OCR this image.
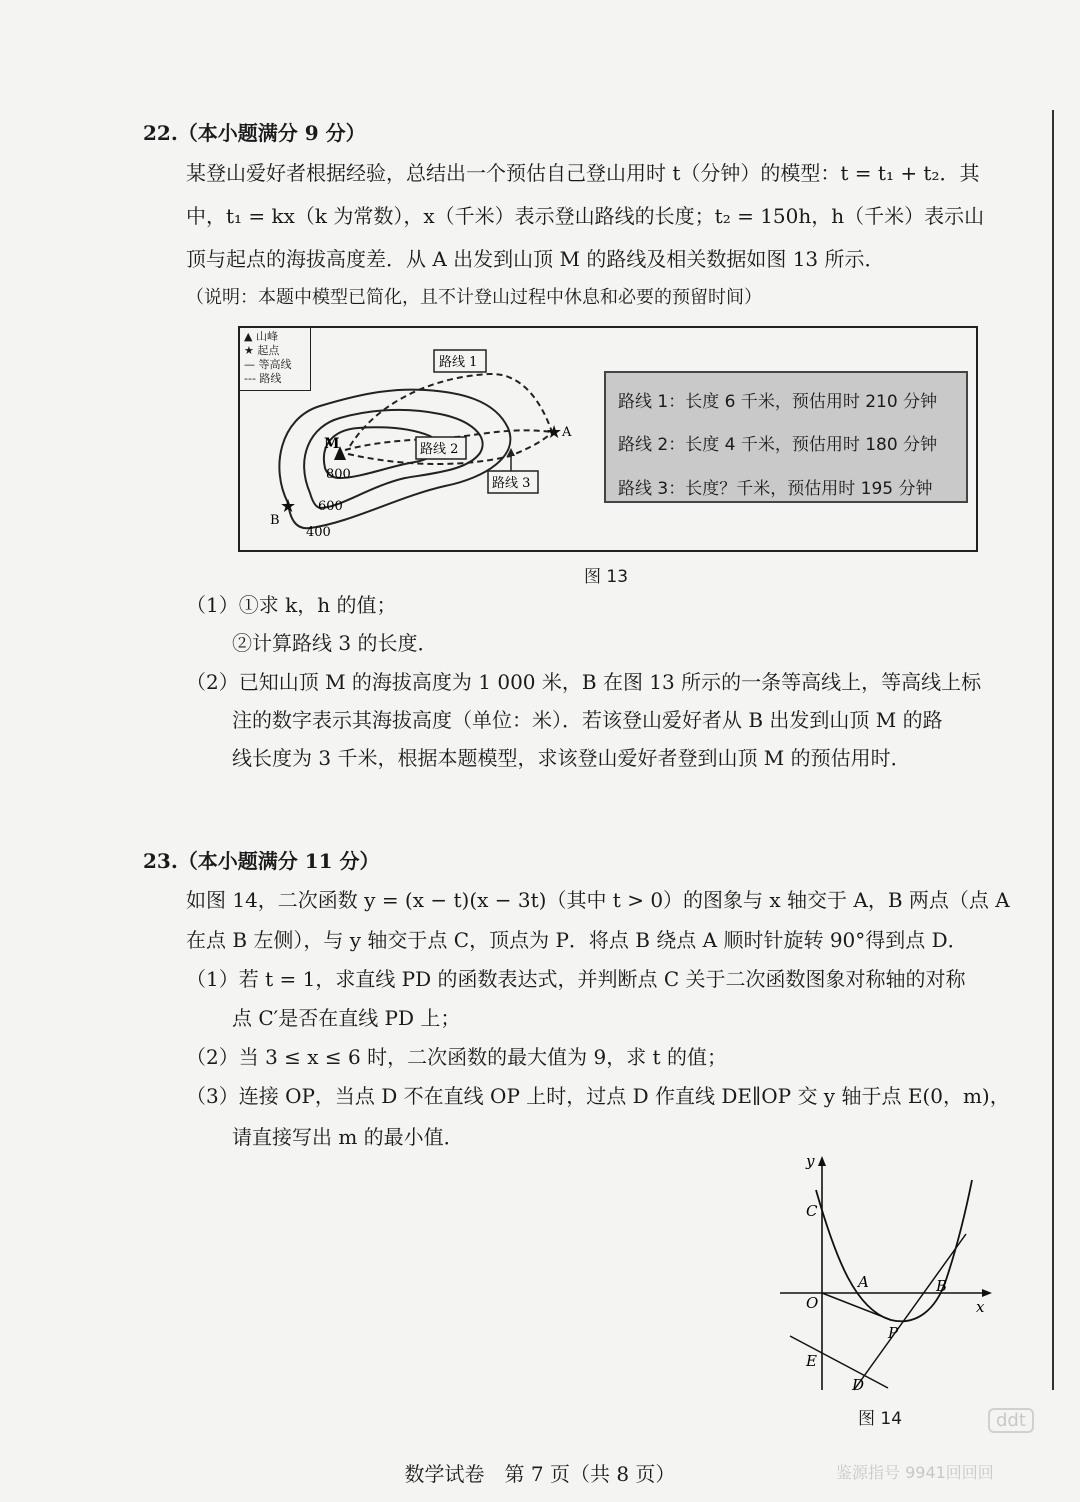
22.（本小题满分 9 分）
某登山爱好者根据经验，总结出一个预估自己登山用时 t（分钟）的模型：t = t₁ + t₂．其
中，t₁ = kx（k 为常数），x（千米）表示登山路线的长度；t₂ = 150h，h（千米）表示山
顶与起点的海拔高度差．从 A 出发到山顶 M 的路线及相关数据如图 13 所示．
（说明：本题中模型已简化，且不计登山过程中休息和必要的预留时间）
▲ 山峰
★ 起点
— 等高线
--- 路线
★
★
M
A
B
800
600
400
路线 1
路线 2
路线 3
路线 1：长度 6 千米，预估用时 210 分钟
路线 2：长度 4 千米，预估用时 180 分钟
路线 3：长度？千米，预估用时 195 分钟
图 13
（1）①求 k，h 的值；
②计算路线 3 的长度．
（2）已知山顶 M 的海拔高度为 1 000 米，B 在图 13 所示的一条等高线上，等高线上标
注的数字表示其海拔高度（单位：米）．若该登山爱好者从 B 出发到山顶 M 的路
线长度为 3 千米，根据本题模型，求该登山爱好者登到山顶 M 的预估用时．
23.（本小题满分 11 分）
如图 14，二次函数 y = (x − t)(x − 3t)（其中 t > 0）的图象与 x 轴交于 A，B 两点（点 A
在点 B 左侧），与 y 轴交于点 C，顶点为 P．将点 B 绕点 A 顺时针旋转 90°得到点 D．
（1）若 t = 1，求直线 PD 的函数表达式，并判断点 C 关于二次函数图象对称轴的对称
点 C′是否在直线 PD 上；
（2）当 3 ≤ x ≤ 6 时，二次函数的最大值为 9，求 t 的值；
（3）连接 OP，当点 D 不在直线 OP 上时，过点 D 作直线 DE∥OP 交 y 轴于点 E(0，m)，
请直接写出 m 的最小值．
y
x
C
O
A	B
P
E
D
图 14
数学试卷　第 7 页（共 8 页）
ddt
鉴源指号 9941回回回
